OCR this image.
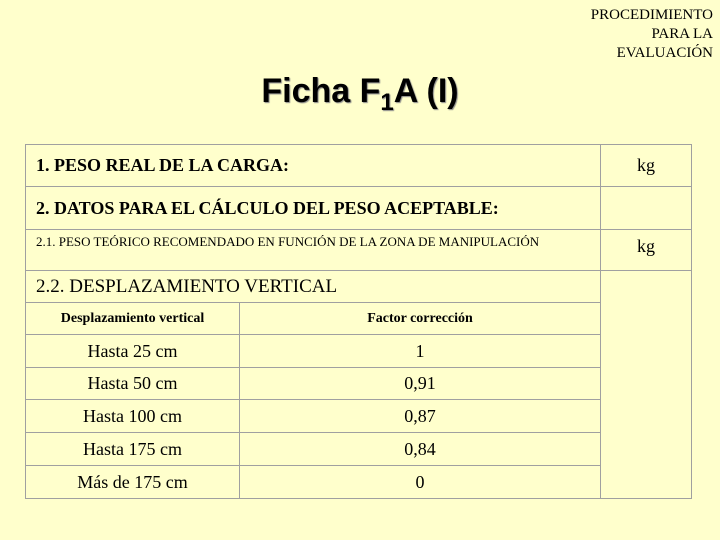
PROCEDIMIENTO
PARA LA
EVALUACIÓN
Ficha $F_1A$ (I)
1. PESO REAL DE LA CARGA:		kg
2. DATOS PARA EL CÁLCULO DEL PESO ACEPTABLE:		
2.1. PESO TEÓRICO RECOMENDADO EN FUNCIÓN DE LA ZONA DE MANIPULACIÓN		kg
2.2. DESPLAZAMIENTO VERTICAL		
Desplazamiento vertical	Factor corrección	
Hasta 25 cm	1	
Hasta 50 cm	0,91	
Hasta 100 cm	0,87	
Hasta 175 cm	0,84	
Más de 175 cm	0	
